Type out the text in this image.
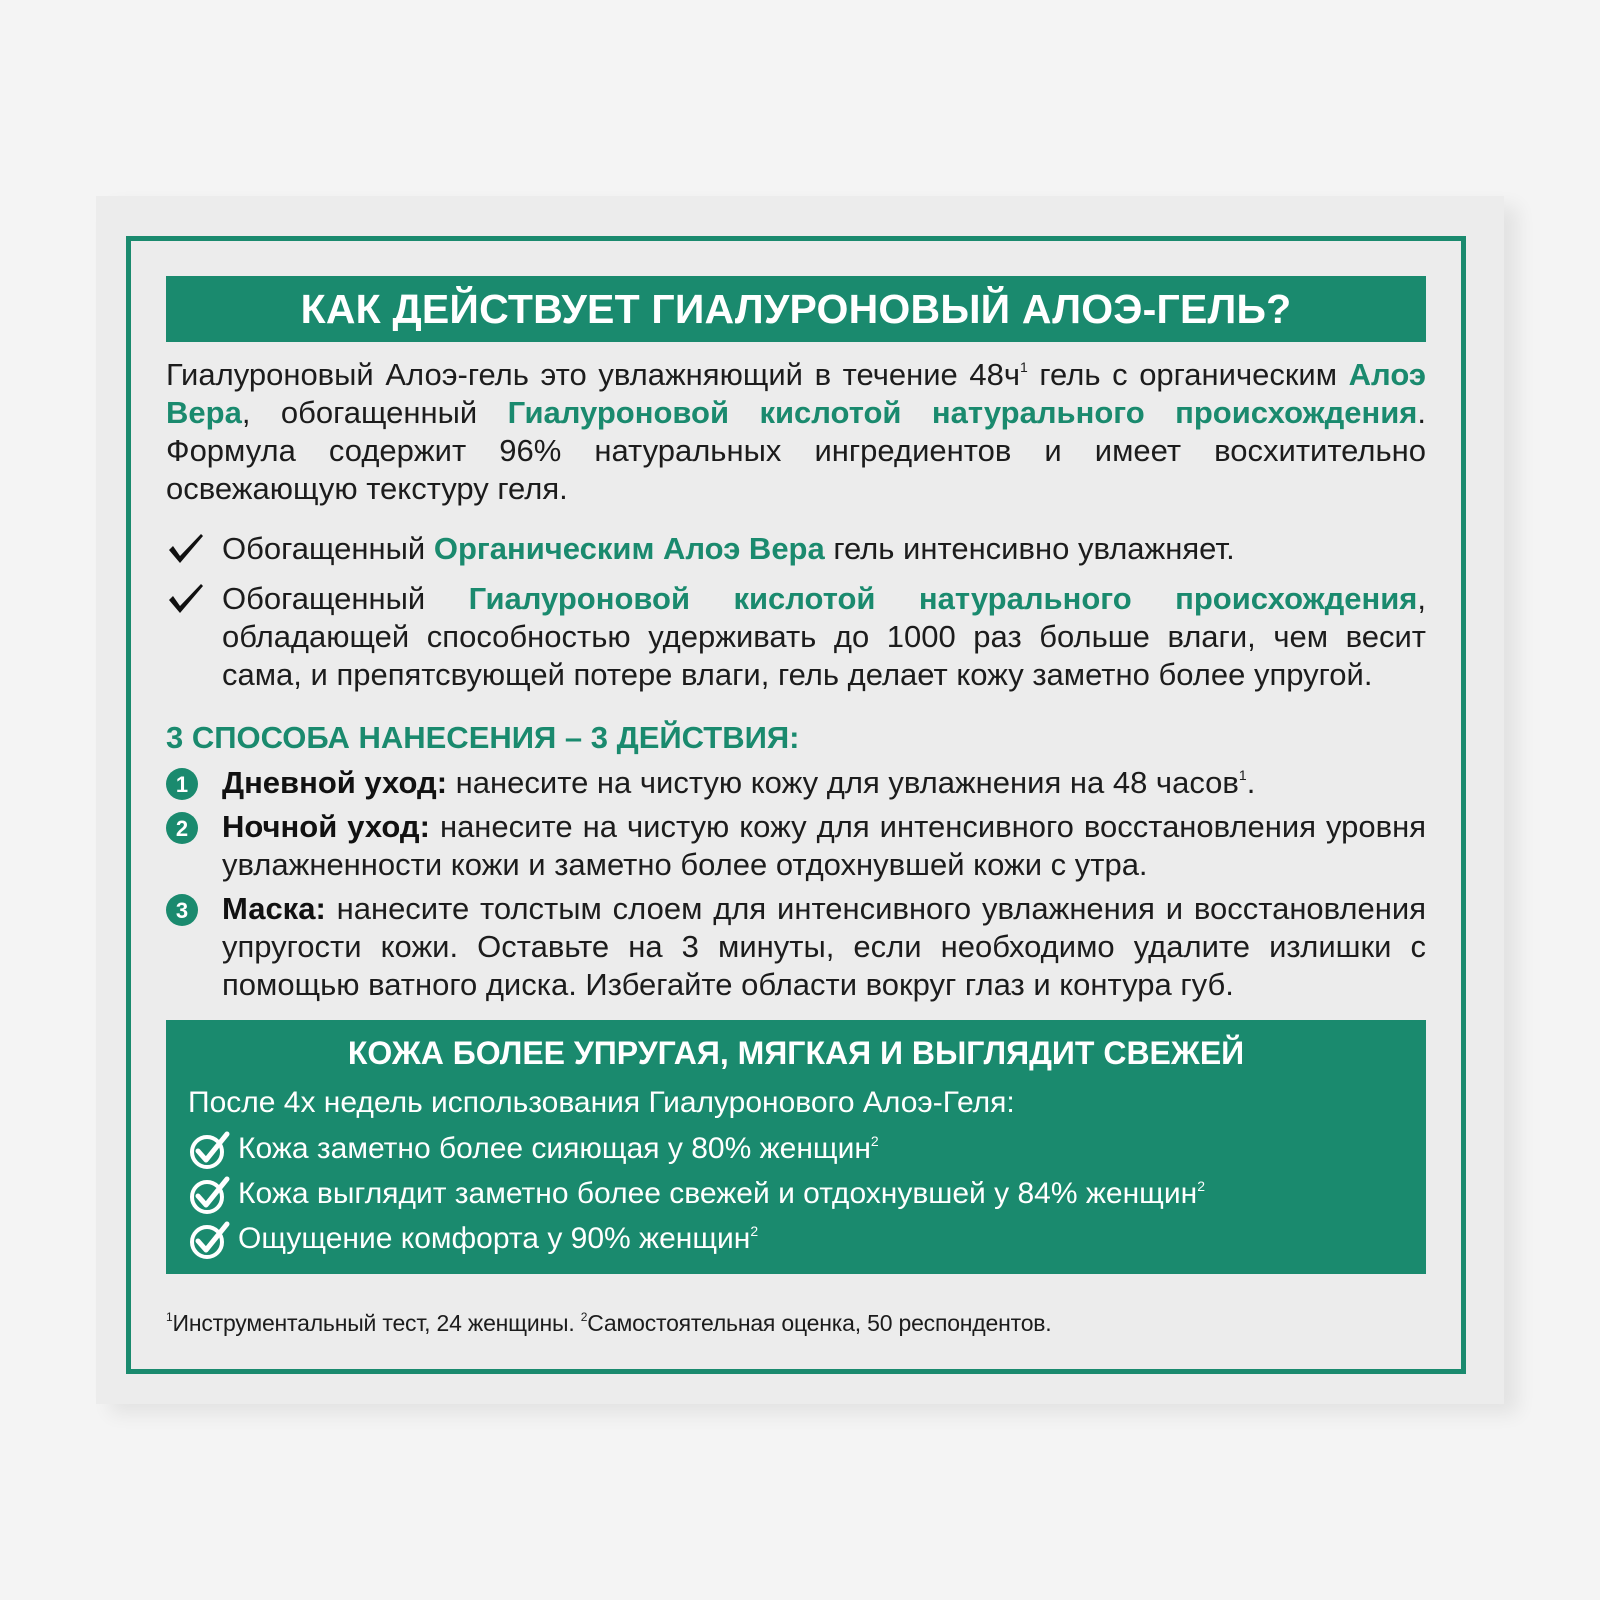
КАК ДЕЙСТВУЕТ ГИАЛУРОНОВЫЙ АЛОЭ-ГЕЛЬ?
Гиалуроновый Алоэ-гель это увлажняющий в течение $48ч^1$ гель с органическим Алоэ Вера, обогащенный Гиалуроновой кислотой натурального происхождения. Формула содержит 96% натуральных ингредиентов и имеет восхитительно освежающую текстуру геля.
Обогащенный Органическим Алоэ Вера гель интенсивно увлажняет.
Обогащенный Гиалуроновой кислотой натурального происхождения, обладающей способностью удерживать до 1000 раз больше влаги, чем весит сама, и препятсвующей потере влаги, гель делает кожу заметно более упругой.
3 СПОСОБА НАНЕСЕНИЯ – 3 ДЕЙСТВИЯ:
1 Дневной уход: нанесите на чистую кожу для увлажнения на 48 часов$^1$.
2 Ночной уход: нанесите на чистую кожу для интенсивного восстановления уровня увлажненности кожи и заметно более отдохнувшей кожи с утра.
3 Маска: нанесите толстым слоем для интенсивного увлажнения и восстановления упругости кожи. Оставьте на 3 минуты, если необходимо удалите излишки с помощью ватного диска. Избегайте области вокруг глаз и контура губ.
КОЖА БОЛЕЕ УПРУГАЯ, МЯГКАЯ И ВЫГЛЯДИТ СВЕЖЕЙ
После 4х недель использования Гиалуронового Алоэ-Геля:
Кожа заметно более сияющая у 80% женщин$^2$
Кожа выглядит заметно более свежей и отдохнувшей у 84% женщин$^2$
Ощущение комфорта у 90% женщин$^2$
$^1$Инструментальный тест, 24 женщины. $^2$Самостоятельная оценка, 50 респондентов.
